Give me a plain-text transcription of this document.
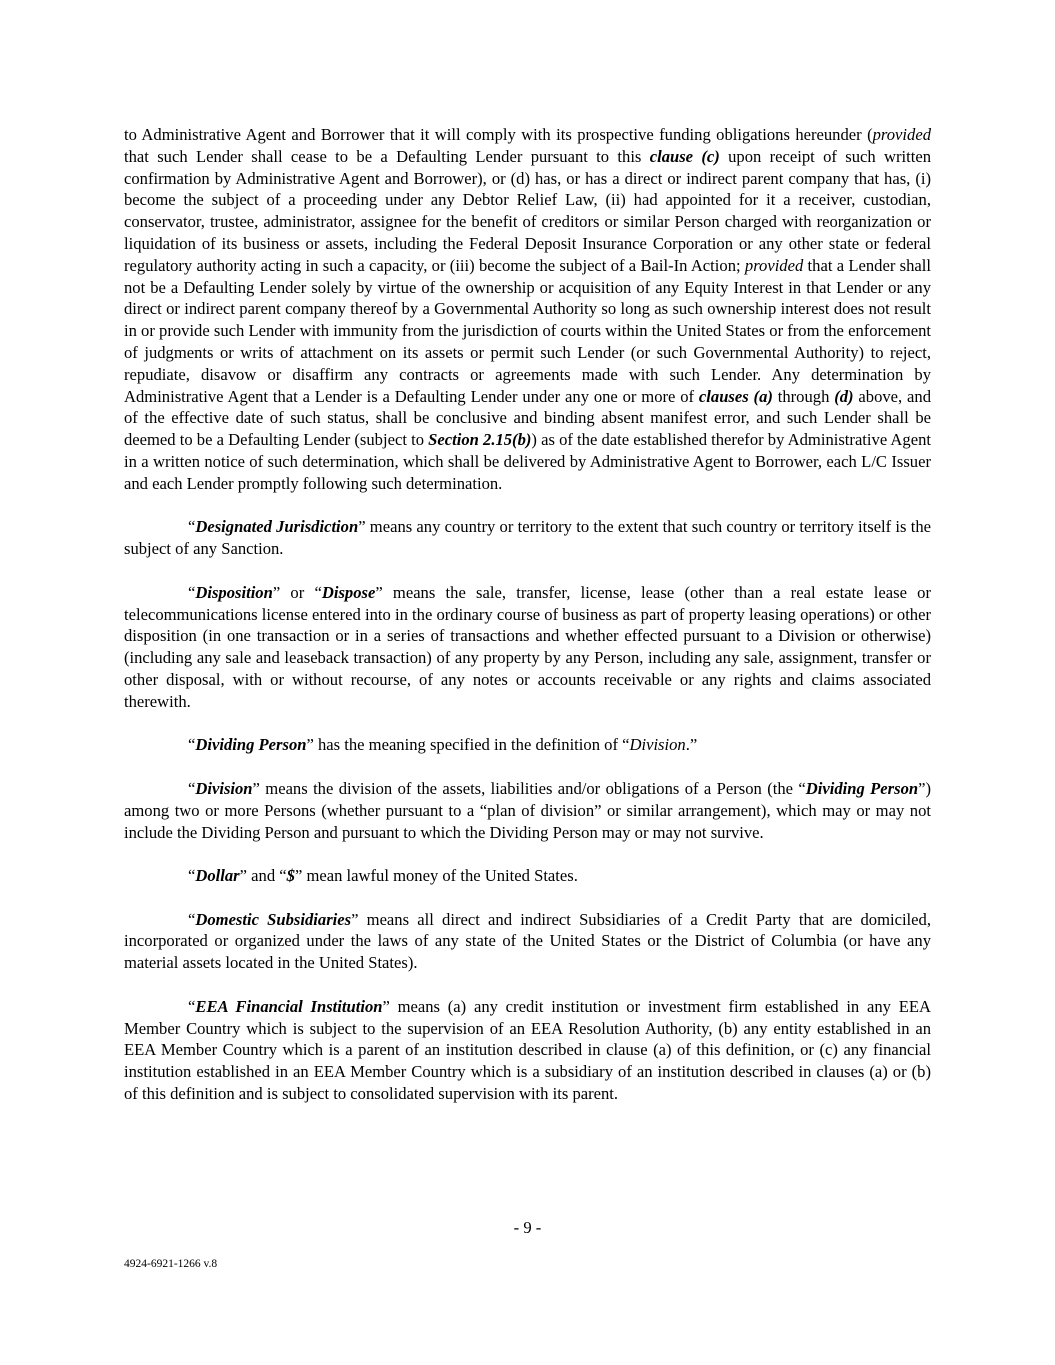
to Administrative Agent and Borrower that it will comply with its prospective funding obligations hereunder (provided that such Lender shall cease to be a Defaulting Lender pursuant to this clause (c) upon receipt of such written confirmation by Administrative Agent and Borrower), or (d) has, or has a direct or indirect parent company that has, (i) become the subject of a proceeding under any Debtor Relief Law, (ii) had appointed for it a receiver, custodian, conservator, trustee, administrator, assignee for the benefit of creditors or similar Person charged with reorganization or liquidation of its business or assets, including the Federal Deposit Insurance Corporation or any other state or federal regulatory authority acting in such a capacity, or (iii) become the subject of a Bail-In Action; provided that a Lender shall not be a Defaulting Lender solely by virtue of the ownership or acquisition of any Equity Interest in that Lender or any direct or indirect parent company thereof by a Governmental Authority so long as such ownership interest does not result in or provide such Lender with immunity from the jurisdiction of courts within the United States or from the enforcement of judgments or writs of attachment on its assets or permit such Lender (or such Governmental Authority) to reject, repudiate, disavow or disaffirm any contracts or agreements made with such Lender. Any determination by Administrative Agent that a Lender is a Defaulting Lender under any one or more of clauses (a) through (d) above, and of the effective date of such status, shall be conclusive and binding absent manifest error, and such Lender shall be deemed to be a Defaulting Lender (subject to Section 2.15(b)) as of the date established therefor by Administrative Agent in a written notice of such determination, which shall be delivered by Administrative Agent to Borrower, each L/C Issuer and each Lender promptly following such determination.

“Designated Jurisdiction” means any country or territory to the extent that such country or territory itself is the subject of any Sanction.

“Disposition” or “Dispose” means the sale, transfer, license, lease (other than a real estate lease or telecommunications license entered into in the ordinary course of business as part of property leasing operations) or other disposition (in one transaction or in a series of transactions and whether effected pursuant to a Division or otherwise) (including any sale and leaseback transaction) of any property by any Person, including any sale, assignment, transfer or other disposal, with or without recourse, of any notes or accounts receivable or any rights and claims associated therewith.

“Dividing Person” has the meaning specified in the definition of “Division.”

“Division” means the division of the assets, liabilities and/or obligations of a Person (the “Dividing Person”) among two or more Persons (whether pursuant to a “plan of division” or similar arrangement), which may or may not include the Dividing Person and pursuant to which the Dividing Person may or may not survive.

“Dollar” and “$” mean lawful money of the United States.

“Domestic Subsidiaries” means all direct and indirect Subsidiaries of a Credit Party that are domiciled, incorporated or organized under the laws of any state of the United States or the District of Columbia (or have any material assets located in the United States).

“EEA Financial Institution” means (a) any credit institution or investment firm established in any EEA Member Country which is subject to the supervision of an EEA Resolution Authority, (b) any entity established in an EEA Member Country which is a parent of an institution described in clause (a) of this definition, or (c) any financial institution established in an EEA Member Country which is a subsidiary of an institution described in clauses (a) or (b) of this definition and is subject to consolidated supervision with its parent.

- 9 -
4924-6921-1266 v.8
